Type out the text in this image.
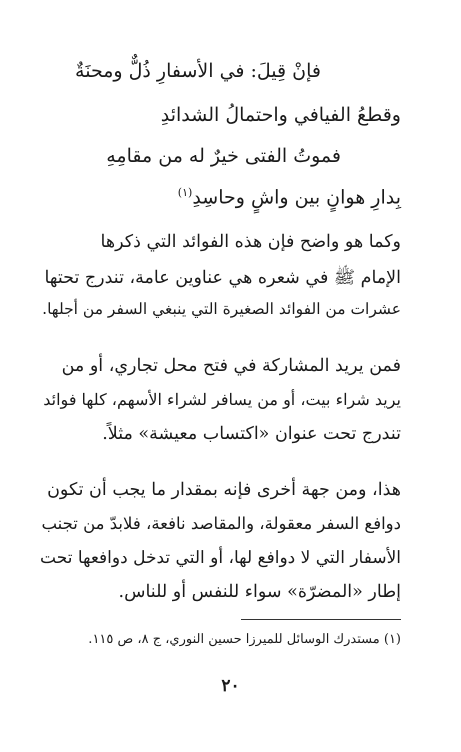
فإنْ قِيلَ: في الأسفارِ ذُلٌّ ومحنَةٌ
وقطعُ الفيافي واحتمالُ الشدائدِ
فموتُ الفتى خيرٌ له من مقامِهِ
بِدارِ هوانٍ بين واشٍ وحاسِدِ$^{(١)}$
وكما هو واضح فإن هذه الفوائد التي ذكرها
الإمام ﷺ في شعره هي عناوين عامة، تندرج تحتها
عشرات من الفوائد الصغيرة التي ينبغي السفر من أجلها.
فمن يريد المشاركة في فتح محل تجاري، أو من
يريد شراء بيت، أو من يسافر لشراء الأسهم، كلها فوائد
تندرج تحت عنوان «اكتساب معيشة» مثلاً.
هذا، ومن جهة أخرى فإنه بمقدار ما يجب أن تكون
دوافع السفر معقولة، والمقاصد نافعة، فلابدّ من تجنب
الأسفار التي لا دوافع لها، أو التي تدخل دوافعها تحت
إطار «المضرّة» سواء للنفس أو للناس.
(١) مستدرك الوسائل للميرزا حسين النوري، ج ٨، ص ١١٥.
٢٠
